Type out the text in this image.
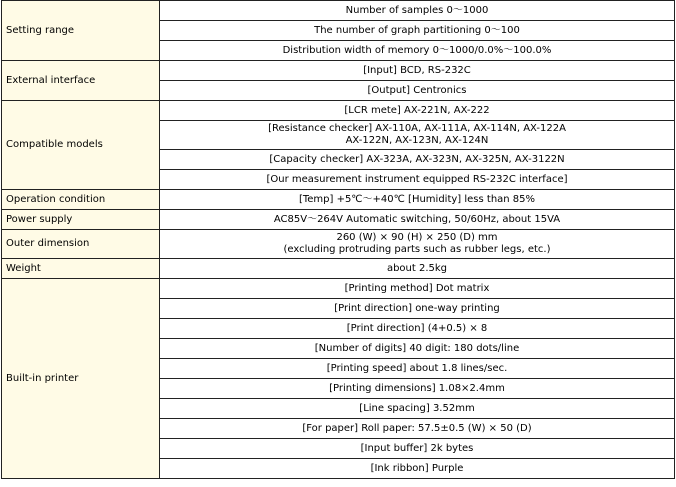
Setting range	Number of samples 0〜1000

	The number of graph partitioning 0〜100

	Distribution width of memory 0〜1000/0.0%〜100.0%

External interface	[Input] BCD, RS-232C

	[Output] Centronics

Compatible models	[LCR mete] AX-221N, AX-222

	[Resistance checker] AX-110A, AX-111A, AX-114N, AX-122A
AX-122N, AX-123N, AX-124N

	[Capacity checker] AX-323A, AX-323N, AX-325N, AX-3122N

	[Our measurement instrument equipped RS-232C interface]

Operation condition	[Temp] +5℃〜+40℃ [Humidity] less than 85%

Power supply	AC85V〜264V Automatic switching, 50/60Hz, about 15VA

Outer dimension	260 (W) × 90 (H) × 250 (D) mm
(excluding protruding parts such as rubber legs, etc.)

Weight	about 2.5kg

Built-in printer	[Printing method] Dot matrix

	[Print direction] one-way printing

	[Print direction] (4+0.5) × 8

	[Number of digits] 40 digit: 180 dots/line

	[Printing speed] about 1.8 lines/sec.

	[Printing dimensions] 1.08×2.4mm

	[Line spacing] 3.52mm

	[For paper] Roll paper: 57.5±0.5 (W) × 50 (D)

	[Input buffer] 2k bytes

	[Ink ribbon] Purple
